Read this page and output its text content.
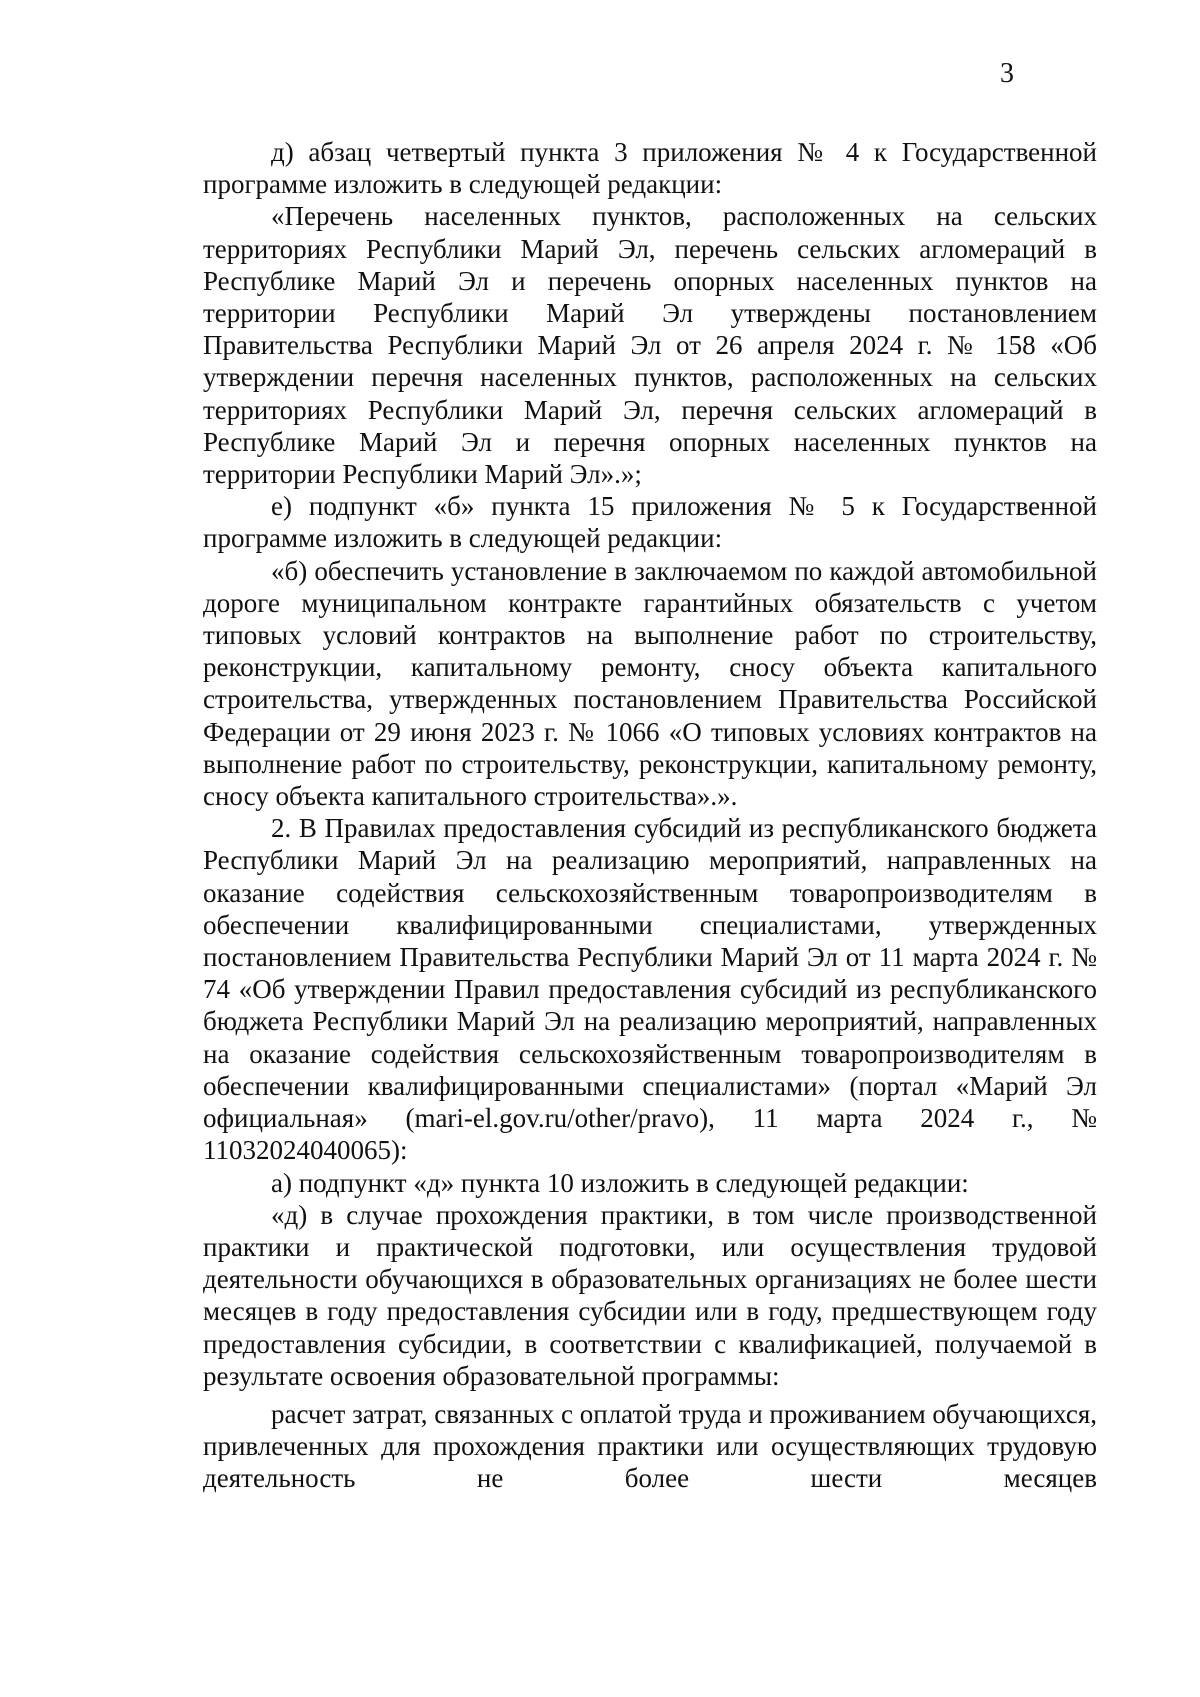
3

д) абзац четвертый пункта 3 приложения № 4 к Государственной программе изложить в следующей редакции:

«Перечень населенных пунктов, расположенных на сельских территориях Республики Марий Эл, перечень сельских агломераций в Республике Марий Эл и перечень опорных населенных пунктов на территории Республики Марий Эл утверждены постановлением Правительства Республики Марий Эл от 26 апреля 2024 г. № 158 «Об утверждении перечня населенных пунктов, расположенных на сельских территориях Республики Марий Эл, перечня сельских агломераций в Республике Марий Эл и перечня опорных населенных пунктов на территории Республики Марий Эл».»;

е) подпункт «б» пункта 15 приложения № 5 к Государственной программе изложить в следующей редакции:

«б) обеспечить установление в заключаемом по каждой автомобильной дороге муниципальном контракте гарантийных обязательств с учетом типовых условий контрактов на выполнение работ по строительству, реконструкции, капитальному ремонту, сносу объекта капитального строительства, утвержденных постановлением Правительства Российской Федерации от 29 июня 2023 г. № 1066 «О типовых условиях контрактов на выполнение работ по строительству, реконструкции, капитальному ремонту, сносу объекта капитального строительства».».

2. В Правилах предоставления субсидий из республиканского бюджета Республики Марий Эл на реализацию мероприятий, направленных на оказание содействия сельскохозяйственным товаропроизводителям в обеспечении квалифицированными специалистами, утвержденных постановлением Правительства Республики Марий Эл от 11 марта 2024 г. № 74 «Об утверждении Правил предоставления субсидий из республиканского бюджета Республики Марий Эл на реализацию мероприятий, направленных на оказание содействия сельскохозяйственным товаропроизводителям в обеспечении квалифицированными специалистами» (портал «Марий Эл официальная» (mari-el.gov.ru/other/pravo), 11 марта 2024 г., № 11032024040065):

а) подпункт «д» пункта 10 изложить в следующей редакции:

«д) в случае прохождения практики, в том числе производственной практики и практической подготовки, или осуществления трудовой деятельности обучающихся в образовательных организациях не более шести месяцев в году предоставления субсидии или в году, предшествующем году предоставления субсидии, в соответствии с квалификацией, получаемой в результате освоения образовательной программы:

расчет затрат, связанных с оплатой труда и проживанием обучающихся, привлеченных для прохождения практики или осуществляющих трудовую деятельность не более шести месяцев
